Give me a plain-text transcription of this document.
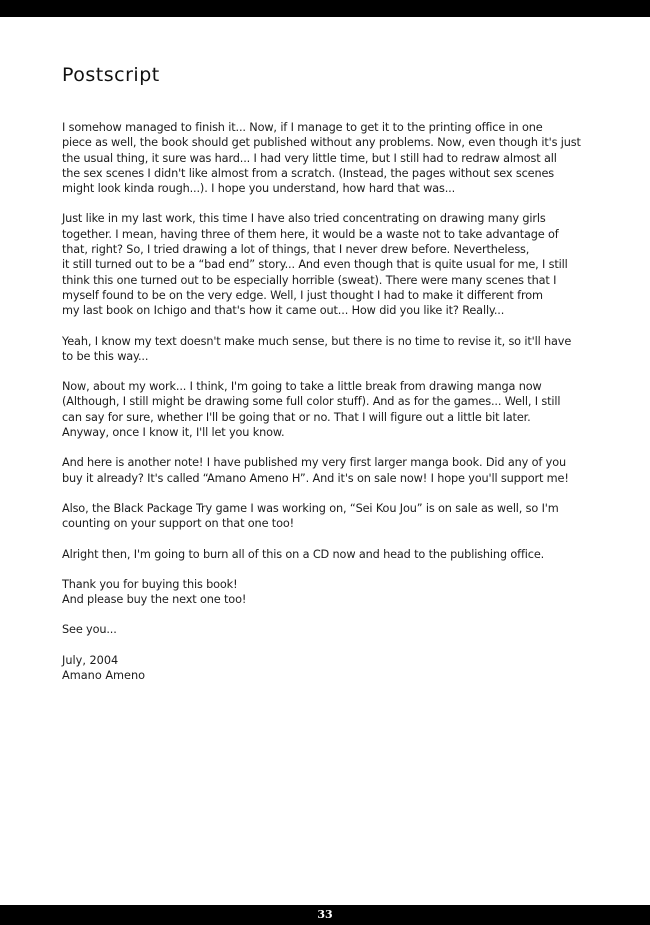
Postscript

I somehow managed to finish it... Now, if I manage to get it to the printing office in one
piece as well, the book should get published without any problems. Now, even though it's just
the usual thing, it sure was hard... I had very little time, but I still had to redraw almost all
the sex scenes I didn't like almost from a scratch. (Instead, the pages without sex scenes
might look kinda rough...). I hope you understand, how hard that was...

Just like in my last work, this time I have also tried concentrating on drawing many girls
together. I mean, having three of them here, it would be a waste not to take advantage of
that, right? So, I tried drawing a lot of things, that I never drew before. Nevertheless,
it still turned out to be a “bad end” story... And even though that is quite usual for me, I still
think this one turned out to be especially horrible (sweat). There were many scenes that I
myself found to be on the very edge. Well, I just thought I had to make it different from
my last book on Ichigo and that's how it came out... How did you like it? Really...

Yeah, I know my text doesn't make much sense, but there is no time to revise it, so it'll have
to be this way...

Now, about my work... I think, I'm going to take a little break from drawing manga now
(Although, I still might be drawing some full color stuff). And as for the games... Well, I still
can say for sure, whether I'll be going that or no. That I will figure out a little bit later.
Anyway, once I know it, I'll let you know.

And here is another note! I have published my very first larger manga book. Did any of you
buy it already? It's called “Amano Ameno H”. And it's on sale now! I hope you'll support me!

Also, the Black Package Try game I was working on, “Sei Kou Jou” is on sale as well, so I'm
counting on your support on that one too!

Alright then, I'm going to burn all of this on a CD now and head to the publishing office.

Thank you for buying this book!
And please buy the next one too!

See you...

July, 2004

Amano Ameno

33
